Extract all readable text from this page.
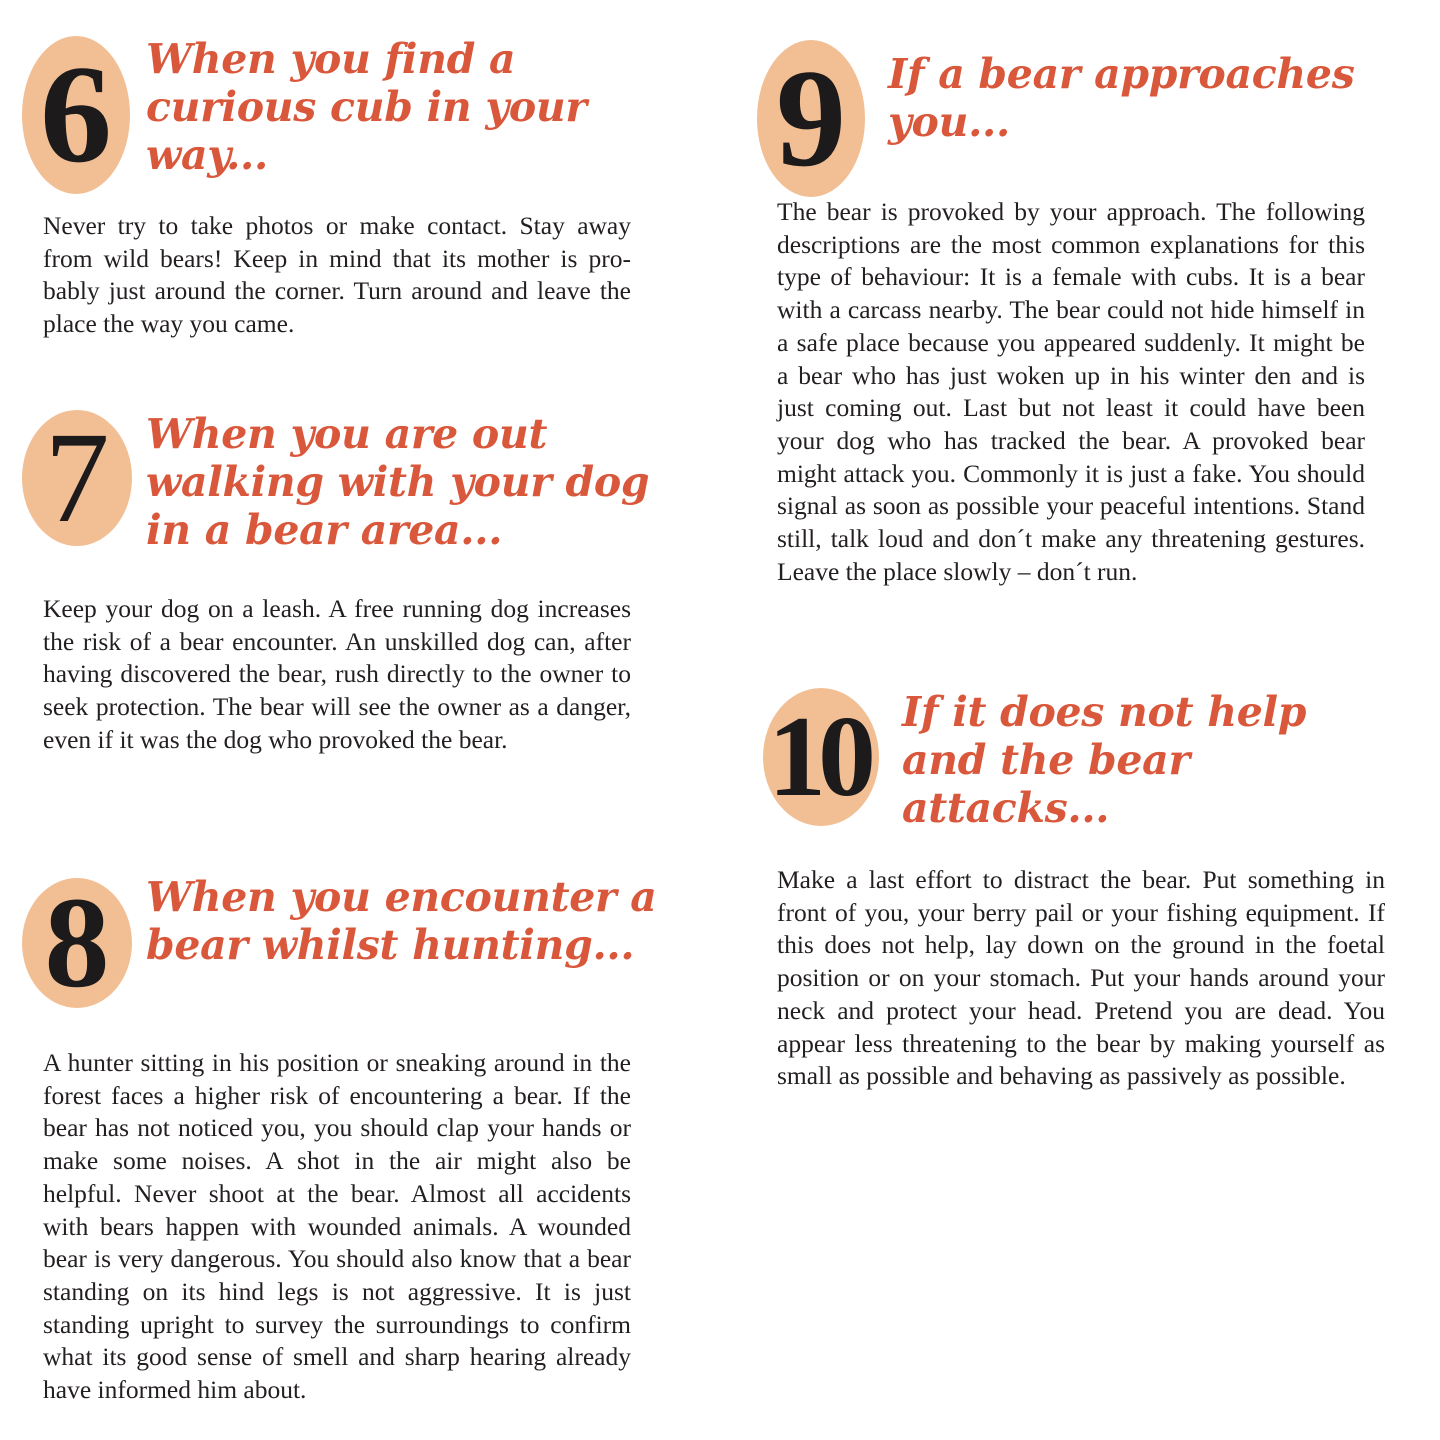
6 When you find a curious cub in your way...

Never try to take photos or make contact. Stay away from wild bears! Keep in mind that its mother is probably just around the corner. Turn around and leave the place the way you came.

7 When you are out walking with your dog in a bear area...

Keep your dog on a leash. A free running dog increases the risk of a bear encounter. An unskilled dog can, after having discovered the bear, rush directly to the owner to seek protection. The bear will see the owner as a danger, even if it was the dog who provoked the bear.

8 When you encounter a bear whilst hunting...

A hunter sitting in his position or sneaking around in the forest faces a higher risk of encountering a bear. If the bear has not noticed you, you should clap your hands or make some noises. A shot in the air might also be helpful. Never shoot at the bear. Almost all accidents with bears happen with wounded animals. A wounded bear is very dangerous. You should also know that a bear standing on its hind legs is not aggressive. It is just standing upright to survey the surroundings to confirm what its good sense of smell and sharp hearing already have informed him about.

9 If a bear approaches you...

The bear is provoked by your approach. The following descriptions are the most common explanations for this type of behaviour: It is a female with cubs. It is a bear with a carcass nearby. The bear could not hide himself in a safe place because you appeared suddenly. It might be a bear who has just woken up in his winter den and is just coming out. Last but not least it could have been your dog who has tracked the bear. A provoked bear might attack you. Commonly it is just a fake. You should signal as soon as possible your peaceful intentions. Stand still, talk loud and don´t make any threatening gestures. Leave the place slowly – don´t run.

10 If it does not help and the bear attacks...

Make a last effort to distract the bear. Put something in front of you, your berry pail or your fishing equipment. If this does not help, lay down on the ground in the foetal position or on your stomach. Put your hands around your neck and protect your head. Pretend you are dead. You appear less threatening to the bear by making yourself as small as possible and behaving as passively as possible.
